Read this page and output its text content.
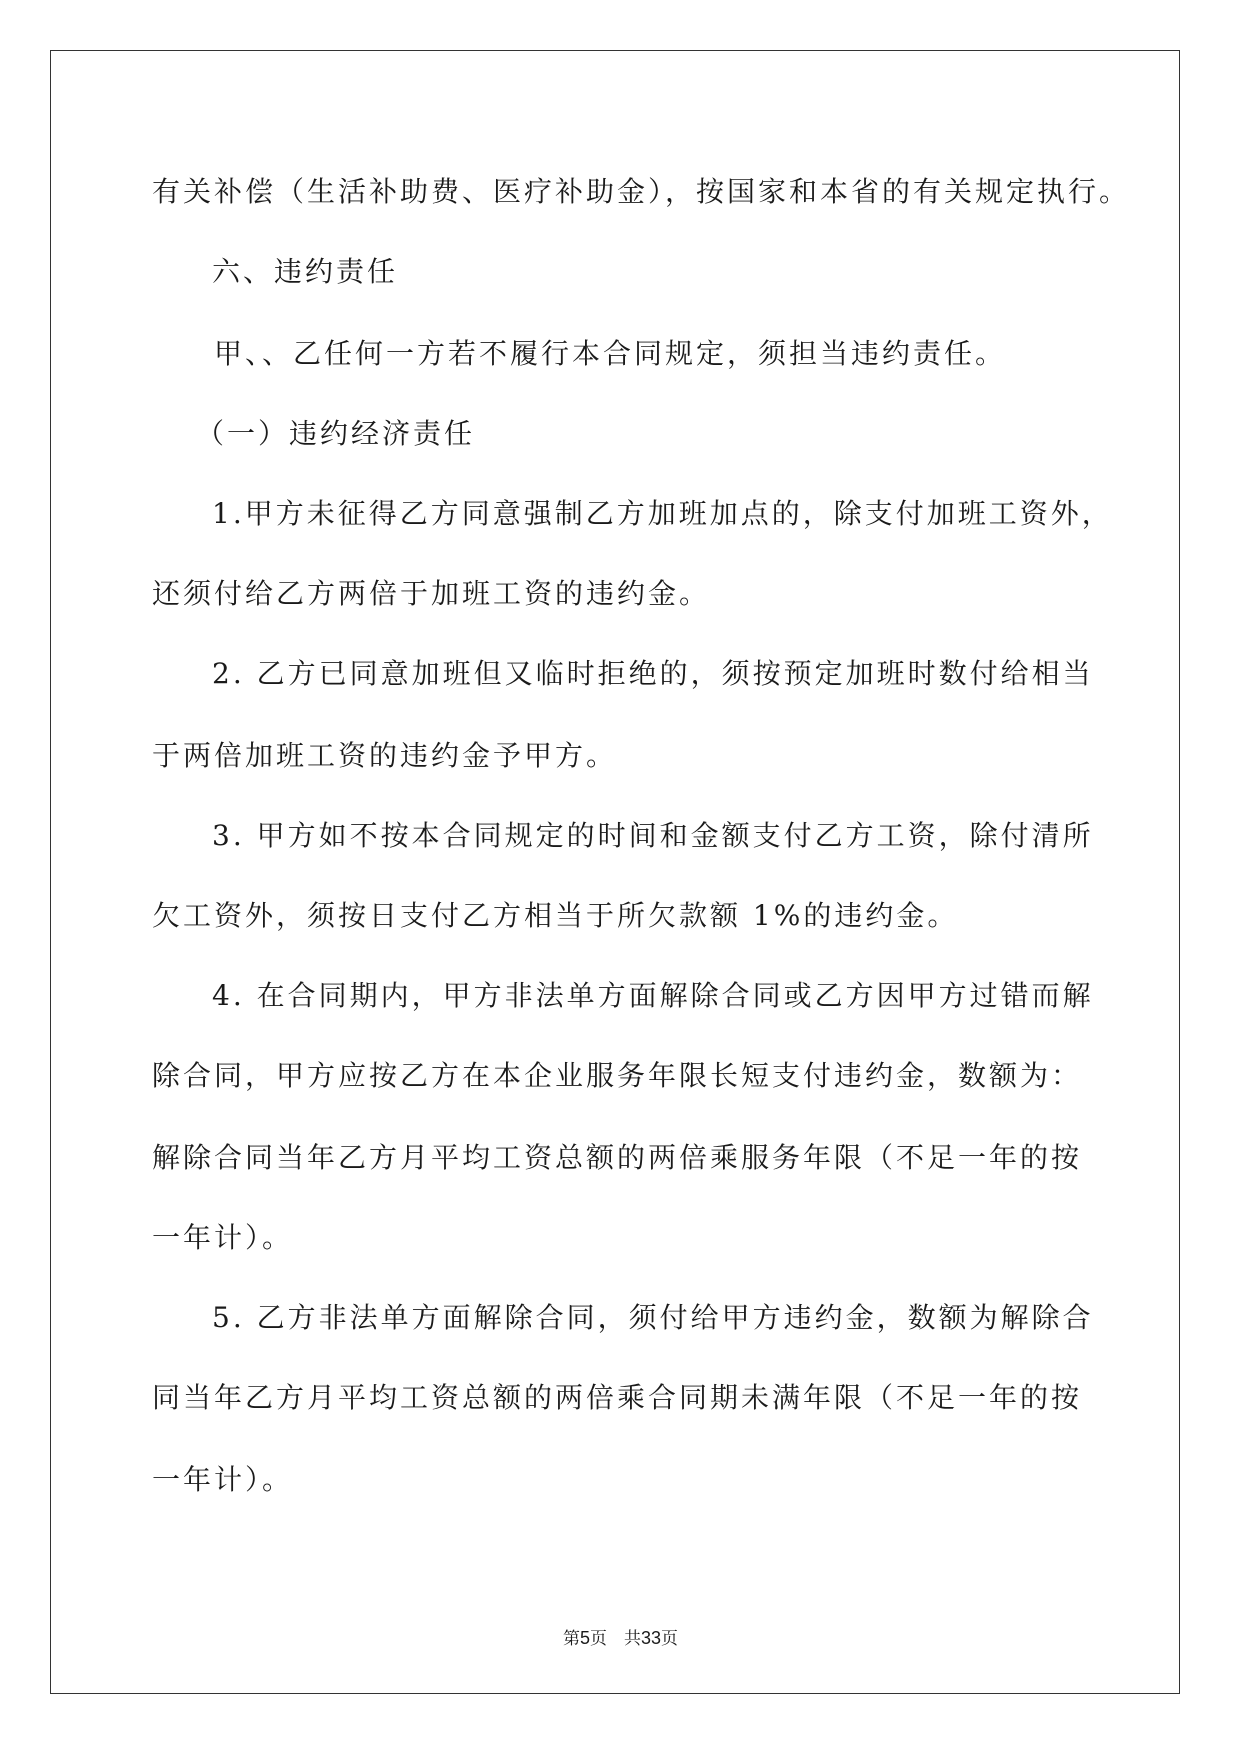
有关补偿（生活补助费、医疗补助金），按国家和本省的有关规定执行。
六、违约责任
甲、、乙任何一方若不履行本合同规定，须担当违约责任。
（一）违约经济责任
1.甲方未征得乙方同意强制乙方加班加点的，除支付加班工资外，
还须付给乙方两倍于加班工资的违约金。
2. 乙方已同意加班但又临时拒绝的，须按预定加班时数付给相当
于两倍加班工资的违约金予甲方。
3. 甲方如不按本合同规定的时间和金额支付乙方工资，除付清所
欠工资外，须按日支付乙方相当于所欠款额 1%的违约金。
4. 在合同期内，甲方非法单方面解除合同或乙方因甲方过错而解
除合同，甲方应按乙方在本企业服务年限长短支付违约金，数额为：
解除合同当年乙方月平均工资总额的两倍乘服务年限（不足一年的按
一年计）。
5. 乙方非法单方面解除合同，须付给甲方违约金，数额为解除合
同当年乙方月平均工资总额的两倍乘合同期未满年限（不足一年的按
一年计）。
第5页　共33页
